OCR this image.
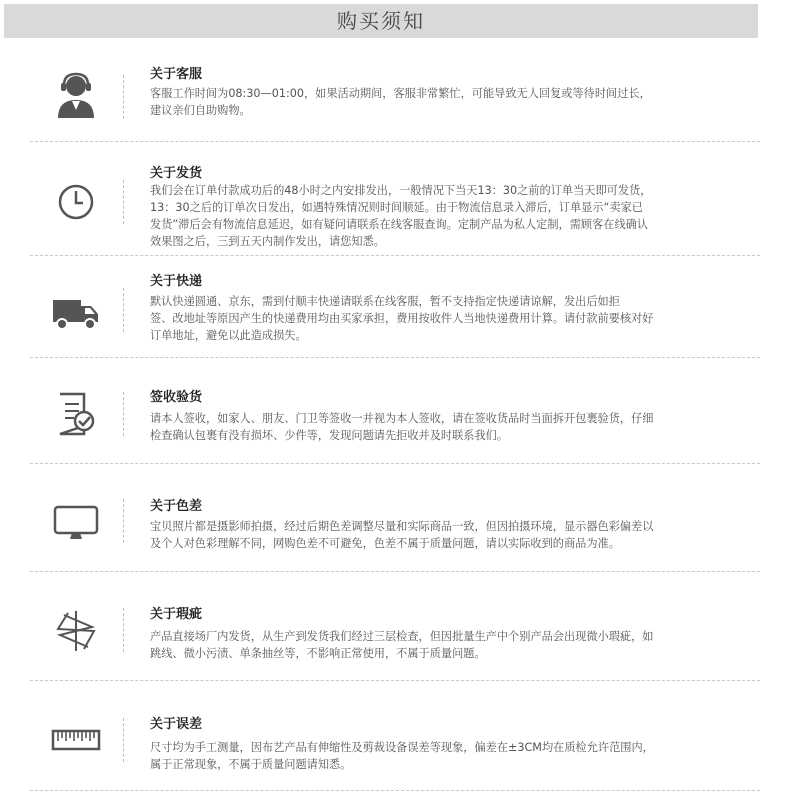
购买须知
关于客服
客服工作时间为08:30—01:00，如果活动期间，客服非常繁忙，可能导致无人回复或等待时间过长，
建议亲们自助购物。
关于发货
我们会在订单付款成功后的48小时之内安排发出，一般情况下当天13：30之前的订单当天即可发货，
13：30之后的订单次日发出，如遇特殊情况则时间顺延。由于物流信息录入滞后，订单显示“卖家已
发货”滞后会有物流信息延迟，如有疑问请联系在线客服查询。定制产品为私人定制，需顾客在线确认
效果图之后，三到五天内制作发出，请您知悉。
关于快递
默认快递圆通、京东，需到付顺丰快递请联系在线客服，暂不支持指定快递请谅解，发出后如拒
签、改地址等原因产生的快递费用均由买家承担，费用按收件人当地快递费用计算。请付款前要核对好
订单地址，避免以此造成损失。
签收验货
请本人签收，如家人、朋友、门卫等签收一并视为本人签收，请在签收货品时当面拆开包裹验货，仔细
检查确认包裹有没有损坏、少件等，发现问题请先拒收并及时联系我们。
关于色差
宝贝照片都是摄影师拍摄，经过后期色差调整尽量和实际商品一致，但因拍摄环境，显示器色彩偏差以
及个人对色彩理解不同，网购色差不可避免，色差不属于质量问题，请以实际收到的商品为准。
关于瑕疵
产品直接场厂内发货，从生产到发货我们经过三层检查，但因批量生产中个别产品会出现微小瑕疵，如
跳线、微小污渍、单条抽丝等，不影响正常使用，不属于质量问题。
关于误差
尺寸均为手工测量，因布艺产品有伸缩性及剪裁设备误差等现象，偏差在±3CM均在质检允许范围内，
属于正常现象，不属于质量问题请知悉。
